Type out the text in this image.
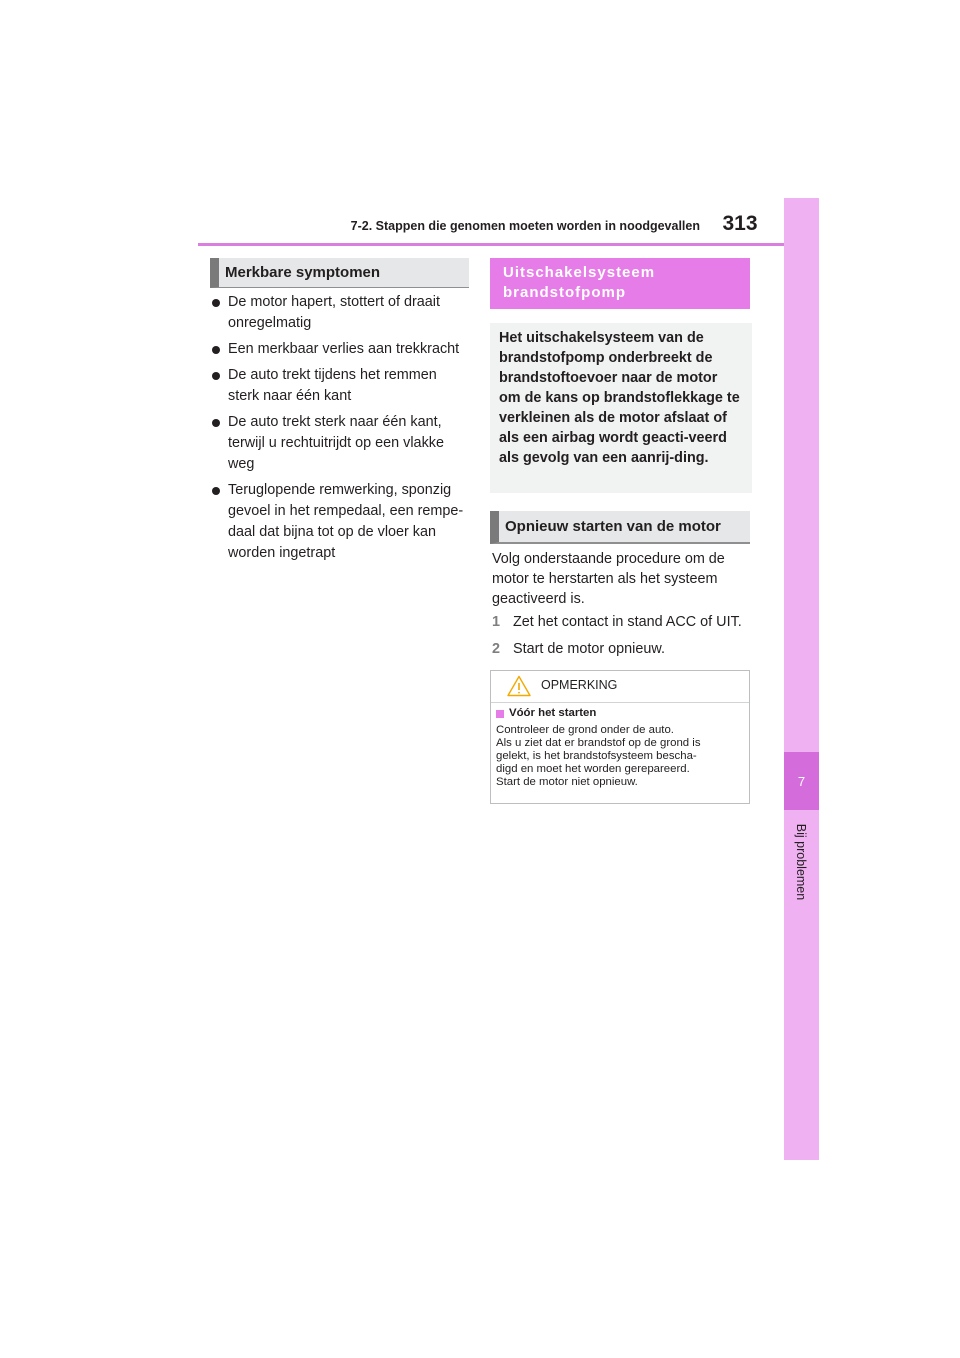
7-2. Stappen die genomen moeten worden in noodgevallen	313
7
Bij problemen
Merkbare symptomen
De motor hapert, stottert of draait onregelmatig
Een merkbaar verlies aan trekkracht
De auto trekt tijdens het remmen sterk naar één kant
De auto trekt sterk naar één kant, terwijl u rechtuitrijdt op een vlakke weg
Teruglopende remwerking, sponzig gevoel in het rempedaal, een rempe-daal dat bijna tot op de vloer kan worden ingetrapt
Uitschakelsysteem
brandstofpomp
Het uitschakelsysteem van de brandstofpomp onderbreekt de brandstoftoevoer naar de motor om de kans op brandstoflekkage te verkleinen als de motor afslaat of als een airbag wordt geacti-veerd als gevolg van een aanrij-ding.
Opnieuw starten van de motor

Volg onderstaande procedure om de motor te herstarten als het systeem geactiveerd is.

1 Zet het contact in stand ACC of UIT.
2 Start de motor opnieuw.
OPMERKING
Vóór het starten
Controleer de grond onder de auto.
Als u ziet dat er brandstof op de grond is
gelekt, is het brandstofsysteem bescha-
digd en moet het worden gerepareerd.
Start de motor niet opnieuw.
